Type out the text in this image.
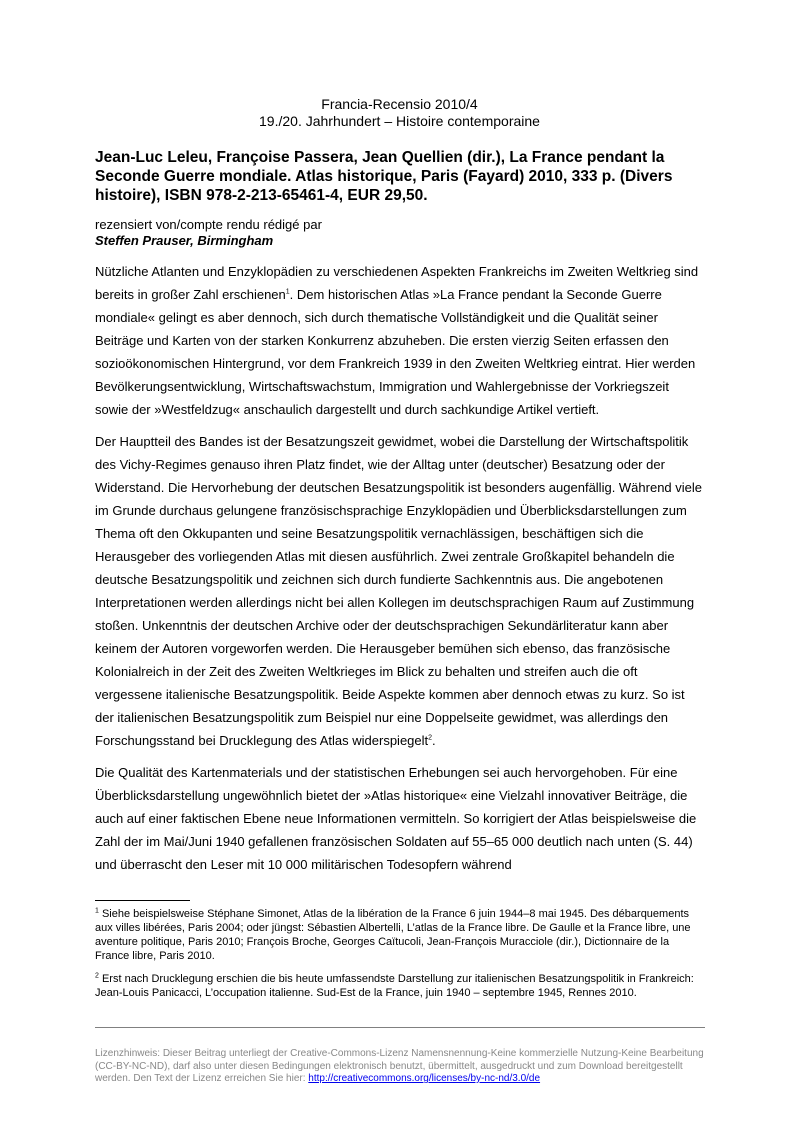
Francia-Recensio 2010/4
19./20. Jahrhundert – Histoire contemporaine
Jean-Luc Leleu, Françoise Passera, Jean Quellien (dir.), La France pendant la Seconde Guerre mondiale. Atlas historique, Paris (Fayard) 2010, 333 p. (Divers histoire), ISBN 978-2-213-65461-4, EUR 29,50.
rezensiert von/compte rendu rédigé par
Steffen Prauser, Birmingham

Nützliche Atlanten und Enzyklopädien zu verschiedenen Aspekten Frankreichs im Zweiten Weltkrieg sind bereits in großer Zahl erschienen$^1$. Dem historischen Atlas »La France pendant la Seconde Guerre mondiale« gelingt es aber dennoch, sich durch thematische Vollständigkeit und die Qualität seiner Beiträge und Karten von der starken Konkurrenz abzuheben. Die ersten vierzig Seiten erfassen den sozioökonomischen Hintergrund, vor dem Frankreich 1939 in den Zweiten Weltkrieg eintrat. Hier werden Bevölkerungsentwicklung, Wirtschaftswachstum, Immigration und Wahlergebnisse der Vorkriegszeit sowie der »Westfeldzug« anschaulich dargestellt und durch sachkundige Artikel vertieft.

Der Hauptteil des Bandes ist der Besatzungszeit gewidmet, wobei die Darstellung der Wirtschaftspolitik des Vichy-Regimes genauso ihren Platz findet, wie der Alltag unter (deutscher) Besatzung oder der Widerstand. Die Hervorhebung der deutschen Besatzungspolitik ist besonders augenfällig. Während viele im Grunde durchaus gelungene französischsprachige Enzyklopädien und Überblicksdarstellungen zum Thema oft den Okkupanten und seine Besatzungspolitik vernachlässigen, beschäftigen sich die Herausgeber des vorliegenden Atlas mit diesen ausführlich. Zwei zentrale Großkapitel behandeln die deutsche Besatzungspolitik und zeichnen sich durch fundierte Sachkenntnis aus. Die angebotenen Interpretationen werden allerdings nicht bei allen Kollegen im deutschsprachigen Raum auf Zustimmung stoßen. Unkenntnis der deutschen Archive oder der deutschsprachigen Sekundärliteratur kann aber keinem der Autoren vorgeworfen werden. Die Herausgeber bemühen sich ebenso, das französische Kolonialreich in der Zeit des Zweiten Weltkrieges im Blick zu behalten und streifen auch die oft vergessene italienische Besatzungspolitik. Beide Aspekte kommen aber dennoch etwas zu kurz. So ist der italienischen Besatzungspolitik zum Beispiel nur eine Doppelseite gewidmet, was allerdings den Forschungsstand bei Drucklegung des Atlas widerspiegelt$^2$.

Die Qualität des Kartenmaterials und der statistischen Erhebungen sei auch hervorgehoben. Für eine Überblicksdarstellung ungewöhnlich bietet der »Atlas historique« eine Vielzahl innovativer Beiträge, die auch auf einer faktischen Ebene neue Informationen vermitteln. So korrigiert der Atlas beispielsweise die Zahl der im Mai/Juni 1940 gefallenen französischen Soldaten auf 55–65 000 deutlich nach unten (S. 44) und überrascht den Leser mit 10 000 militärischen Todesopfern während

$^1$ Siehe beispielsweise Stéphane Simonet, Atlas de la libération de la France 6 juin 1944–8 mai 1945. Des débarquements aux villes libérées, Paris 2004; oder jüngst: Sébastien Albertelli, L’atlas de la France libre. De Gaulle et la France libre, une aventure politique, Paris 2010; François Broche, Georges Caïtucoli, Jean-François Muracciole (dir.), Dictionnaire de la France libre, Paris 2010.

$^2$ Erst nach Drucklegung erschien die bis heute umfassendste Darstellung zur italienischen Besatzungspolitik in Frankreich: Jean-Louis Panicacci, L’occupation italienne. Sud-Est de la France, juin 1940 – septembre 1945, Rennes 2010.

Lizenzhinweis: Dieser Beitrag unterliegt der Creative-Commons-Lizenz Namensnennung-Keine kommerzielle Nutzung-Keine Bearbeitung (CC-BY-NC-ND), darf also unter diesen Bedingungen elektronisch benutzt, übermittelt, ausgedruckt und zum Download bereitgestellt werden. Den Text der Lizenz erreichen Sie hier: http://creativecommons.org/licenses/by-nc-nd/3.0/de
